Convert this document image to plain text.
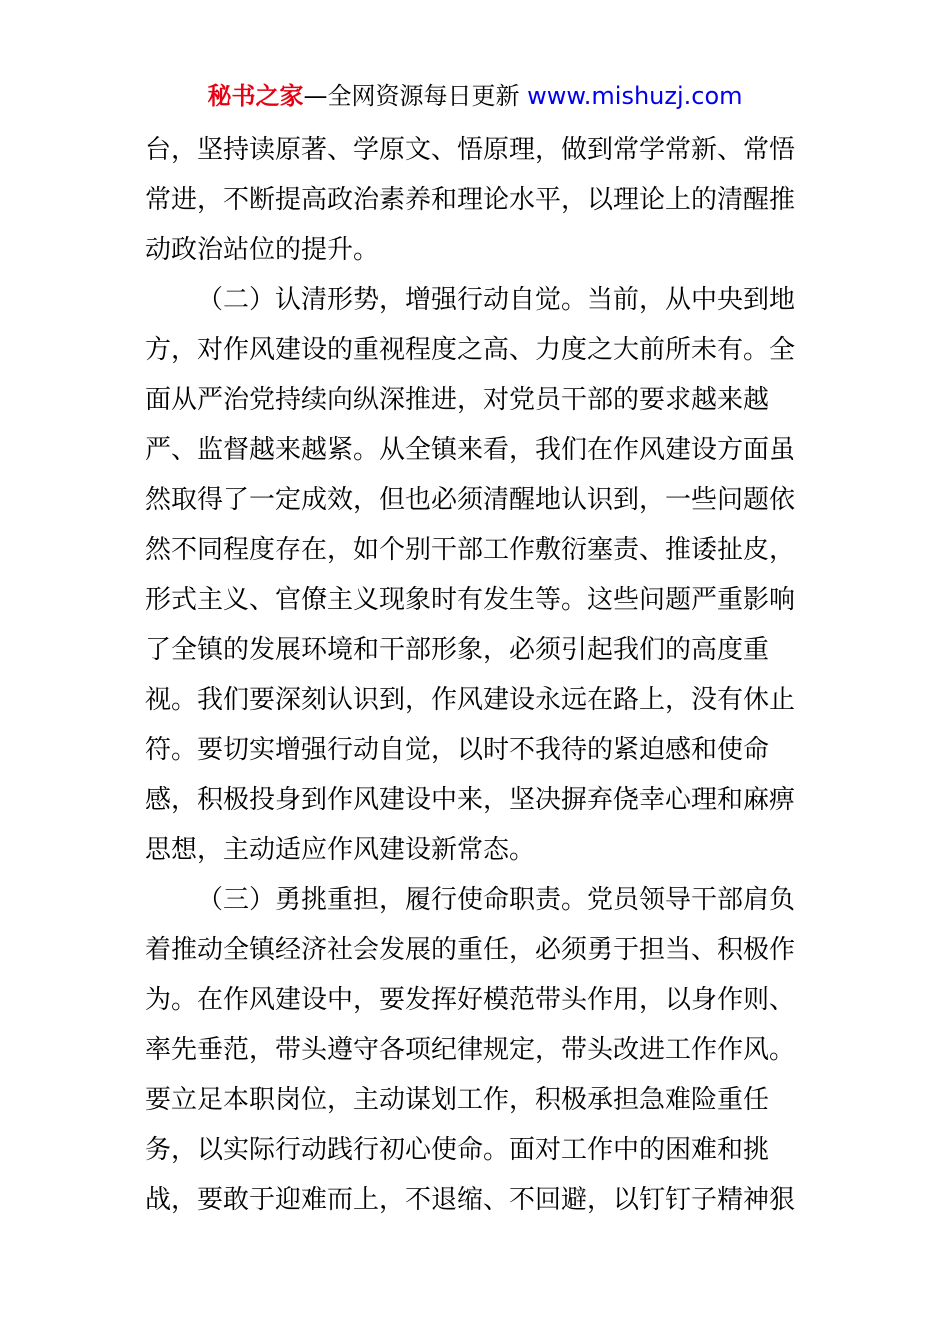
秘书之家—全网资源每日更新 www.mishuzj.com
台，坚持读原著、学原文、悟原理，做到常学常新、常悟
常进，不断提高政治素养和理论水平，以理论上的清醒推
动政治站位的提升。
（二）认清形势，增强行动自觉。当前，从中央到地
方，对作风建设的重视程度之高、力度之大前所未有。全
面从严治党持续向纵深推进，对党员干部的要求越来越
严、监督越来越紧。从全镇来看，我们在作风建设方面虽
然取得了一定成效，但也必须清醒地认识到，一些问题依
然不同程度存在，如个别干部工作敷衍塞责、推诿扯皮，
形式主义、官僚主义现象时有发生等。这些问题严重影响
了全镇的发展环境和干部形象，必须引起我们的高度重
视。我们要深刻认识到，作风建设永远在路上，没有休止
符。要切实增强行动自觉，以时不我待的紧迫感和使命
感，积极投身到作风建设中来，坚决摒弃侥幸心理和麻痹
思想，主动适应作风建设新常态。
（三）勇挑重担，履行使命职责。党员领导干部肩负
着推动全镇经济社会发展的重任，必须勇于担当、积极作
为。在作风建设中，要发挥好模范带头作用，以身作则、
率先垂范，带头遵守各项纪律规定，带头改进工作作风。
要立足本职岗位，主动谋划工作，积极承担急难险重任
务，以实际行动践行初心使命。面对工作中的困难和挑
战，要敢于迎难而上，不退缩、不回避，以钉钉子精神狠
